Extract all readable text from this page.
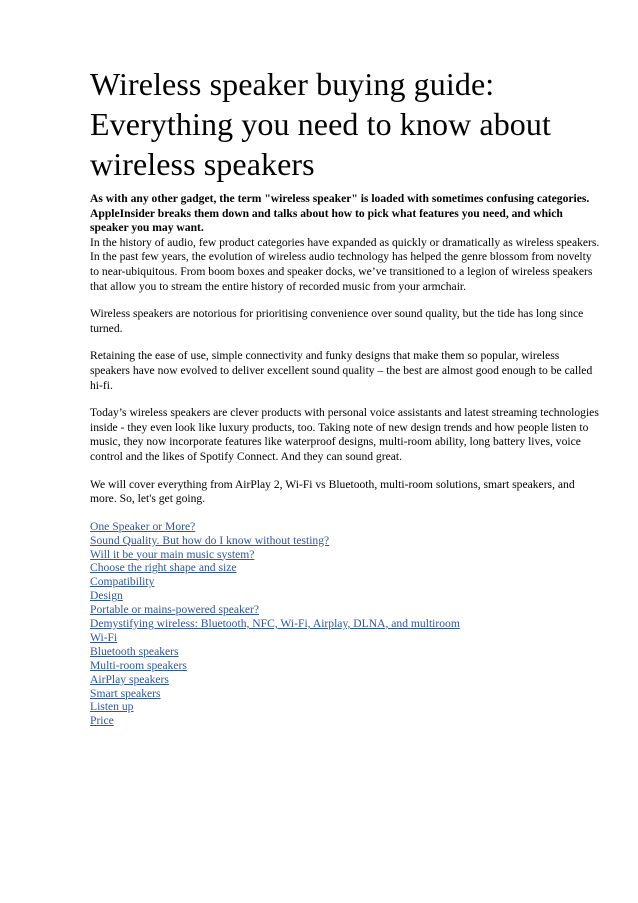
Wireless speaker buying guide: Everything you need to know about wireless speakers

As with any other gadget, the term "wireless speaker" is loaded with sometimes confusing categories. AppleInsider breaks them down and talks about how to pick what features you need, and which speaker you may want.

In the history of audio, few product categories have expanded as quickly or dramatically as wireless speakers. In the past few years, the evolution of wireless audio technology has helped the genre blossom from novelty to near-ubiquitous. From boom boxes and speaker docks, we’ve transitioned to a legion of wireless speakers that allow you to stream the entire history of recorded music from your armchair.

Wireless speakers are notorious for prioritising convenience over sound quality, but the tide has long since turned.

Retaining the ease of use, simple connectivity and funky designs that make them so popular, wireless speakers have now evolved to deliver excellent sound quality – the best are almost good enough to be called hi-fi.

Today’s wireless speakers are clever products with personal voice assistants and latest streaming technologies inside - they even look like luxury products, too. Taking note of new design trends and how people listen to music, they now incorporate features like waterproof designs, multi-room ability, long battery lives, voice control and the likes of Spotify Connect. And they can sound great.

We will cover everything from AirPlay 2, Wi-Fi vs Bluetooth, multi-room solutions, smart speakers, and more. So, let's get going.

One Speaker or More?
Sound Quality. But how do I know without testing?
Will it be your main music system?
Choose the right shape and size
Compatibility
Design
Portable or mains-powered speaker?
Demystifying wireless: Bluetooth, NFC, Wi-Fi, Airplay, DLNA, and multiroom
Wi-Fi
Bluetooth speakers
Multi-room speakers
AirPlay speakers
Smart speakers
Listen up
Price
